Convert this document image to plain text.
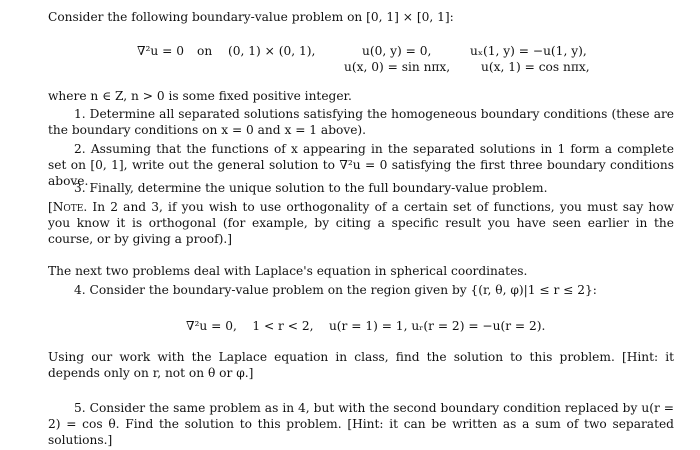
Consider the following boundary-value problem on [0, 1] × [0, 1]:
∇²u = 0 on (0, 1) × (0, 1),	u(0, y) = 0,
u(x, 0) = sin nπx,
uₓ(1, y) = −u(1, y),
u(x, 1) = cos nπx,
where n ∈ Z, n > 0 is some fixed positive integer.
1. Determine all separated solutions satisfying the homogeneous boundary conditions (these are the boundary conditions on x = 0 and x = 1 above).
2. Assuming that the functions of x appearing in the separated solutions in 1 form a complete set on [0, 1], write out the general solution to ∇²u = 0 satisfying the first three boundary conditions above.
3. Finally, determine the unique solution to the full boundary-value problem.
[Note. In 2 and 3, if you wish to use orthogonality of a certain set of functions, you must say how you know it is orthogonal (for example, by citing a specific result you have seen earlier in the course, or by giving a proof).]
The next two problems deal with Laplace's equation in spherical coordinates.
4. Consider the boundary-value problem on the region given by {(r, θ, φ)|1 ≤ r ≤ 2}:
∇²u = 0,    1 < r < 2,    u(r = 1) = 1, uᵣ(r = 2) = −u(r = 2).
Using our work with the Laplace equation in class, find the solution to this problem. [Hint: it depends only on r, not on θ or φ.]
5. Consider the same problem as in 4, but with the second boundary condition replaced by u(r = 2) = cos θ. Find the solution to this problem. [Hint: it can be written as a sum of two separated solutions.]
